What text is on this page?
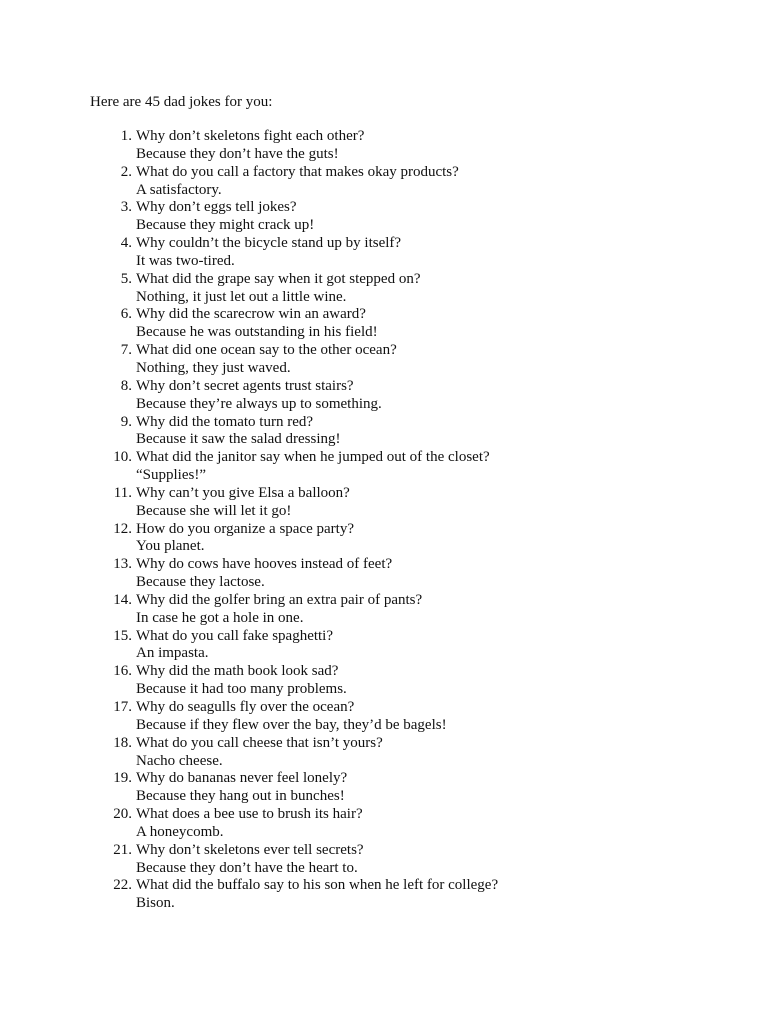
Here are 45 dad jokes for you:

1. Why don’t skeletons fight each other?
Because they don’t have the guts!
2. What do you call a factory that makes okay products?
A satisfactory.
3. Why don’t eggs tell jokes?
Because they might crack up!
4. Why couldn’t the bicycle stand up by itself?
It was two-tired.
5. What did the grape say when it got stepped on?
Nothing, it just let out a little wine.
6. Why did the scarecrow win an award?
Because he was outstanding in his field!
7. What did one ocean say to the other ocean?
Nothing, they just waved.
8. Why don’t secret agents trust stairs?
Because they’re always up to something.
9. Why did the tomato turn red?
Because it saw the salad dressing!
10. What did the janitor say when he jumped out of the closet?
“Supplies!”
11. Why can’t you give Elsa a balloon?
Because she will let it go!
12. How do you organize a space party?
You planet.
13. Why do cows have hooves instead of feet?
Because they lactose.
14. Why did the golfer bring an extra pair of pants?
In case he got a hole in one.
15. What do you call fake spaghetti?
An impasta.
16. Why did the math book look sad?
Because it had too many problems.
17. Why do seagulls fly over the ocean?
Because if they flew over the bay, they’d be bagels!
18. What do you call cheese that isn’t yours?
Nacho cheese.
19. Why do bananas never feel lonely?
Because they hang out in bunches!
20. What does a bee use to brush its hair?
A honeycomb.
21. Why don’t skeletons ever tell secrets?
Because they don’t have the heart to.
22. What did the buffalo say to his son when he left for college?
Bison.
